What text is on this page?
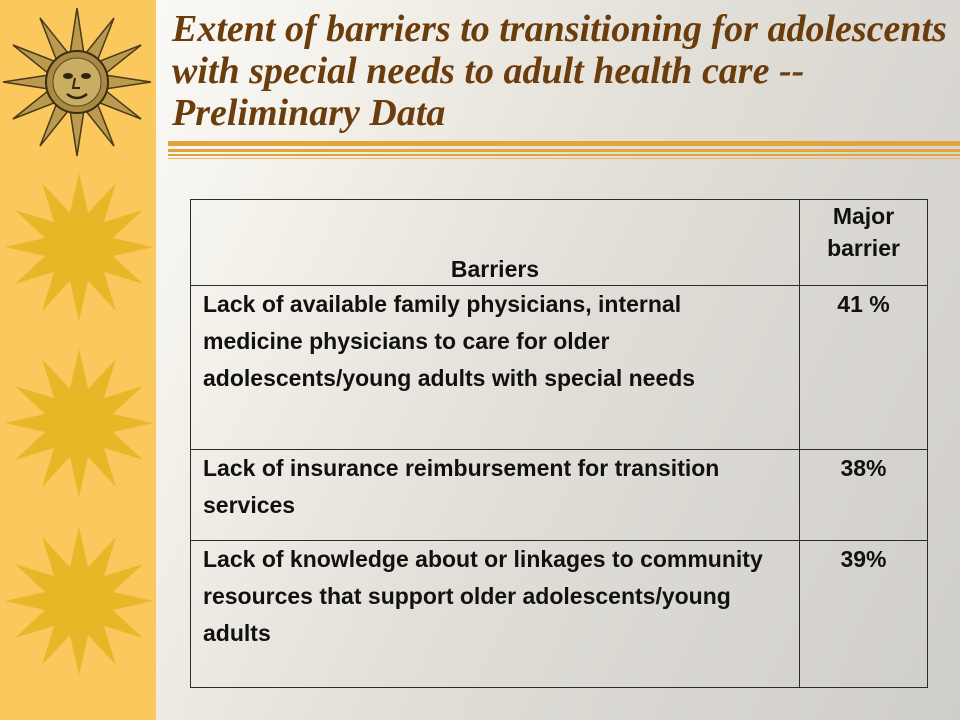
Extent of barriers to transitioning for adolescents with special needs to adult health care -- Preliminary Data
Barriers	Major barrier
Lack of available family physicians, internal medicine physicians to care for older adolescents/young adults with special needs	41 %
Lack of insurance reimbursement for transition services	38%
Lack of knowledge about or linkages to community resources that support older adolescents/young adults	39%
